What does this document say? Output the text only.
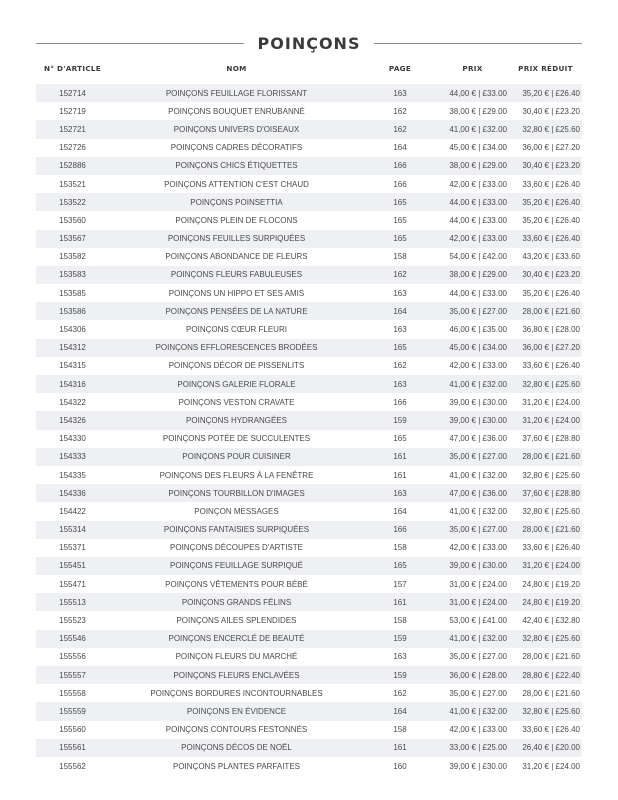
POINÇONS
N° D'ARTICLE	NOM	PAGE	PRIX	PRIX RÉDUIT

152714	POINÇONS FEUILLAGE FLORISSANT	163	44,00 € | £33.00	35,20 € | £26.40
152719	POINÇONS BOUQUET ENRUBANNÉ	162	38,00 € | £29.00	30,40 € | £23.20
152721	POINÇONS UNIVERS D'OISEAUX	162	41,00 € | £32.00	32,80 € | £25.60
152726	POINÇONS CADRES DÉCORATIFS	164	45,00 € | £34.00	36,00 € | £27.20
152886	POINÇONS CHICS ÉTIQUETTES	166	38,00 € | £29.00	30,40 € | £23.20
153521	POINÇONS ATTENTION C'EST CHAUD	166	42,00 € | £33.00	33,60 € | £26.40
153522	POINÇONS POINSETTIA	165	44,00 € | £33.00	35,20 € | £26.40
153560	POINÇONS PLEIN DE FLOCONS	165	44,00 € | £33.00	35,20 € | £26.40
153567	POINÇONS FEUILLES SURPIQUÉES	165	42,00 € | £33.00	33,60 € | £26.40
153582	POINÇONS ABONDANCE DE FLEURS	158	54,00 € | £42.00	43,20 € | £33.60
153583	POINÇONS FLEURS FABULEUSES	162	38,00 € | £29.00	30,40 € | £23.20
153585	POINÇONS UN HIPPO ET SES AMIS	163	44,00 € | £33.00	35,20 € | £26.40
153586	POINÇONS PENSÉES DE LA NATURE	164	35,00 € | £27.00	28,00 € | £21.60
154306	POINÇONS CŒUR FLEURI	163	46,00 € | £35.00	36,80 € | £28.00
154312	POINÇONS EFFLORESCENCES BRODÉES	165	45,00 € | £34.00	36,00 € | £27.20
154315	POINÇONS DÉCOR DE PISSENLITS	162	42,00 € | £33.00	33,60 € | £26.40
154316	POINÇONS GALERIE FLORALE	163	41,00 € | £32.00	32,80 € | £25.60
154322	POINÇONS VESTON CRAVATE	166	39,00 € | £30.00	31,20 € | £24.00
154326	POINÇONS HYDRANGÉES	159	39,00 € | £30.00	31,20 € | £24.00
154330	POINÇONS POTÉE DE SUCCULENTES	165	47,00 € | £36.00	37,60 € | £28.80
154333	POINÇONS POUR CUISINER	161	35,00 € | £27.00	28,00 € | £21.60
154335	POINÇONS DES FLEURS À LA FENÊTRE	161	41,00 € | £32.00	32,80 € | £25.60
154336	POINÇONS TOURBILLON D'IMAGES	163	47,00 € | £36.00	37,60 € | £28.80
154422	POINÇON MESSAGES	164	41,00 € | £32.00	32,80 € | £25.60
155314	POINÇONS FANTAISIES SURPIQUÉES	166	35,00 € | £27.00	28,00 € | £21.60
155371	POINÇONS DÉCOUPES D'ARTISTE	158	42,00 € | £33.00	33,60 € | £26.40
155451	POINÇONS FEUILLAGE SURPIQUÉ	165	39,00 € | £30.00	31,20 € | £24.00
155471	POINÇONS VÊTEMENTS POUR BÉBÉ	157	31,00 € | £24.00	24,80 € | £19.20
155513	POINÇONS GRANDS FÉLINS	161	31,00 € | £24.00	24,80 € | £19.20
155523	POINÇONS AILES SPLENDIDES	158	53,00 € | £41.00	42,40 € | £32.80
155546	POINÇONS ENCERCLÉ DE BEAUTÉ	159	41,00 € | £32.00	32,80 € | £25.60
155556	POINÇON FLEURS DU MARCHÉ	163	35,00 € | £27.00	28,00 € | £21.60
155557	POINÇONS FLEURS ENCLAVÉES	159	36,00 € | £28.00	28,80 € | £22.40
155558	POINÇONS BORDURES INCONTOURNABLES	162	35,00 € | £27.00	28,00 € | £21.60
155559	POINÇONS EN ÉVIDENCE	164	41,00 € | £32.00	32,80 € | £25.60
155560	POINÇONS CONTOURS FESTONNÉS	158	42,00 € | £33.00	33,60 € | £26.40
155561	POINÇONS DÉCOS DE NOËL	161	33,00 € | £25.00	26,40 € | £20.00
155562	POINÇONS PLANTES PARFAITES	160	39,00 € | £30.00	31,20 € | £24.00
